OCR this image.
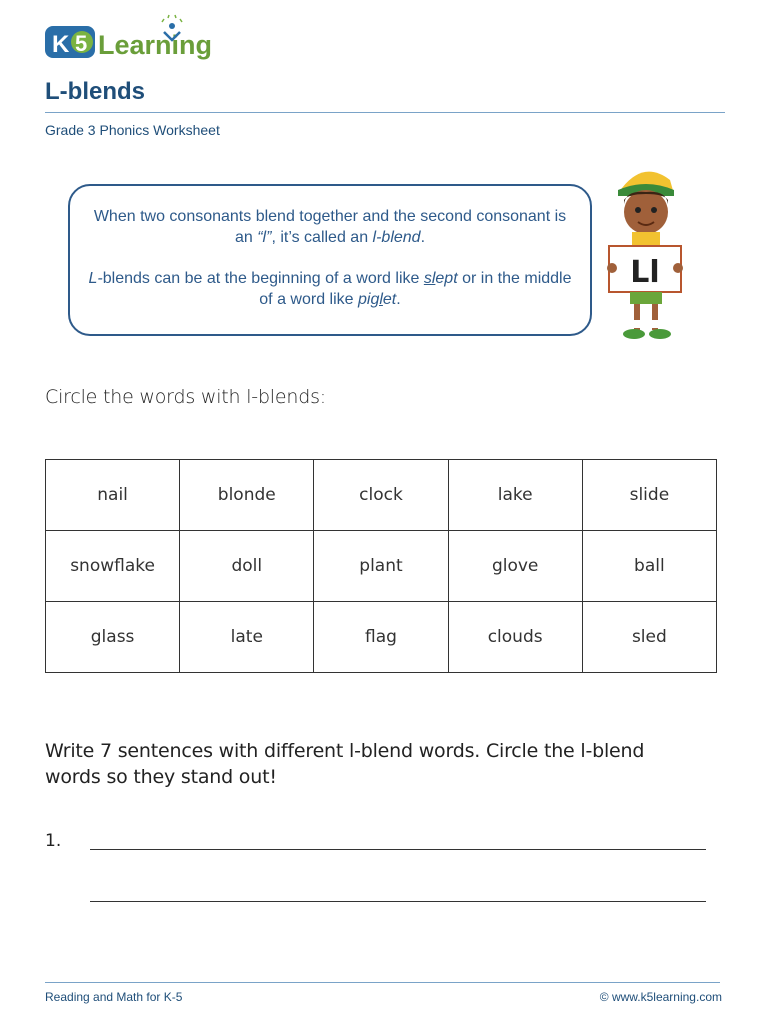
K 5 Learning
L-blends
Grade 3 Phonics Worksheet

When two consonants blend together and the second consonant is an “l”, it’s called an l-blend.

L-blends can be at the beginning of a word like slept or in the middle of a word like piglet.

Ll
Circle the words with l-blends:
nail	blonde	clock	lake	slide
snowflake	doll	plant	glove	ball
glass	late	flag	clouds	sled
Write 7 sentences with different l-blend words. Circle the l-blend words so they stand out!
1.
Reading and Math for K-5	© www.k5learning.com
